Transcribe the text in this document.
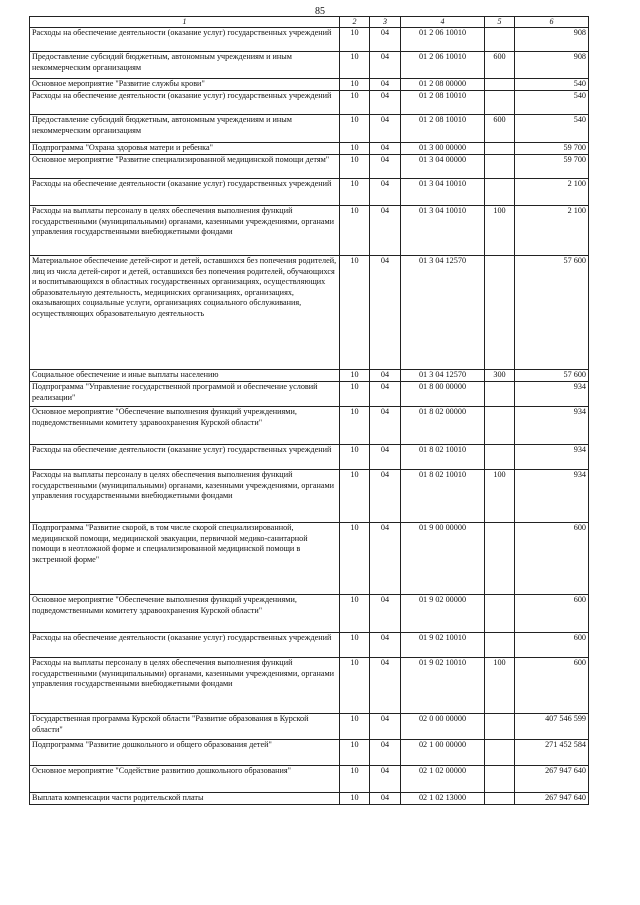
85
1	2	3	4	5	6
Расходы на обеспечение деятельности (оказание услуг) государственных учреждений	10	04	01 2 06 10010		908
Предоставление субсидий бюджетным, автономным учреждениям и иным некоммерческим организациям	10	04	01 2 06 10010	600	908
Основное мероприятие "Развитие службы крови"	10	04	01 2 08 00000		540
Расходы на обеспечение деятельности (оказание услуг) государственных учреждений	10	04	01 2 08 10010		540
Предоставление субсидий бюджетным, автономным учреждениям и иным некоммерческим организациям	10	04	01 2 08 10010	600	540
Подпрограмма "Охрана здоровья матери и ребенка"	10	04	01 3 00 00000		59 700
Основное мероприятие "Развитие специализированной медицинской помощи детям"	10	04	01 3 04 00000		59 700
Расходы на обеспечение деятельности (оказание услуг) государственных учреждений	10	04	01 3 04 10010		2 100
Расходы на выплаты персоналу в целях обеспечения выполнения функций государственными (муниципальными) органами, казенными учреждениями, органами управления государственными внебюджетными фондами	10	04	01 3 04 10010	100	2 100
Материальное обеспечение детей-сирот и детей, оставшихся без попечения родителей, лиц из числа детей-сирот и детей, оставшихся без попечения родителей, обучающихся и воспитывающихся в областных государственных организациях, осуществляющих образовательную деятельность, медицинских организациях, организациях, оказывающих социальные услуги, организациях социального обслуживания, осуществляющих образовательную деятельность	10	04	01 3 04 12570		57 600
Социальное обеспечение и иные выплаты населению	10	04	01 3 04 12570	300	57 600
Подпрограмма "Управление государственной программой и обеспечение условий реализации"	10	04	01 8 00 00000		934
Основное мероприятие "Обеспечение выполнения функций учреждениями, подведомственными комитету здравоохранения Курской области"	10	04	01 8 02 00000		934
Расходы на обеспечение деятельности (оказание услуг) государственных учреждений	10	04	01 8 02 10010		934
Расходы на выплаты персоналу в целях обеспечения выполнения функций государственными (муниципальными) органами, казенными учреждениями, органами управления государственными внебюджетными фондами	10	04	01 8 02 10010	100	934
Подпрограмма "Развитие скорой, в том числе скорой специализированной, медицинской помощи, медицинской эвакуации, первичной медико-санитарной помощи в неотложной форме и специализированной медицинской помощи в экстренной форме"	10	04	01 9 00 00000		600
Основное мероприятие "Обеспечение выполнения функций учреждениями, подведомственными комитету здравоохранения Курской области"	10	04	01 9 02 00000		600
Расходы на обеспечение деятельности (оказание услуг) государственных учреждений	10	04	01 9 02 10010		600
Расходы на выплаты персоналу в целях обеспечения выполнения функций государственными (муниципальными) органами, казенными учреждениями, органами управления государственными внебюджетными фондами	10	04	01 9 02 10010	100	600
Государственная программа Курской области "Развитие образования в Курской области"	10	04	02 0 00 00000		407 546 599
Подпрограмма "Развитие дошкольного и общего образования детей"	10	04	02 1 00 00000		271 452 584
Основное мероприятие "Содействие развитию дошкольного образования"	10	04	02 1 02 00000		267 947 640
Выплата компенсации части родительской платы	10	04	02 1 02 13000		267 947 640
